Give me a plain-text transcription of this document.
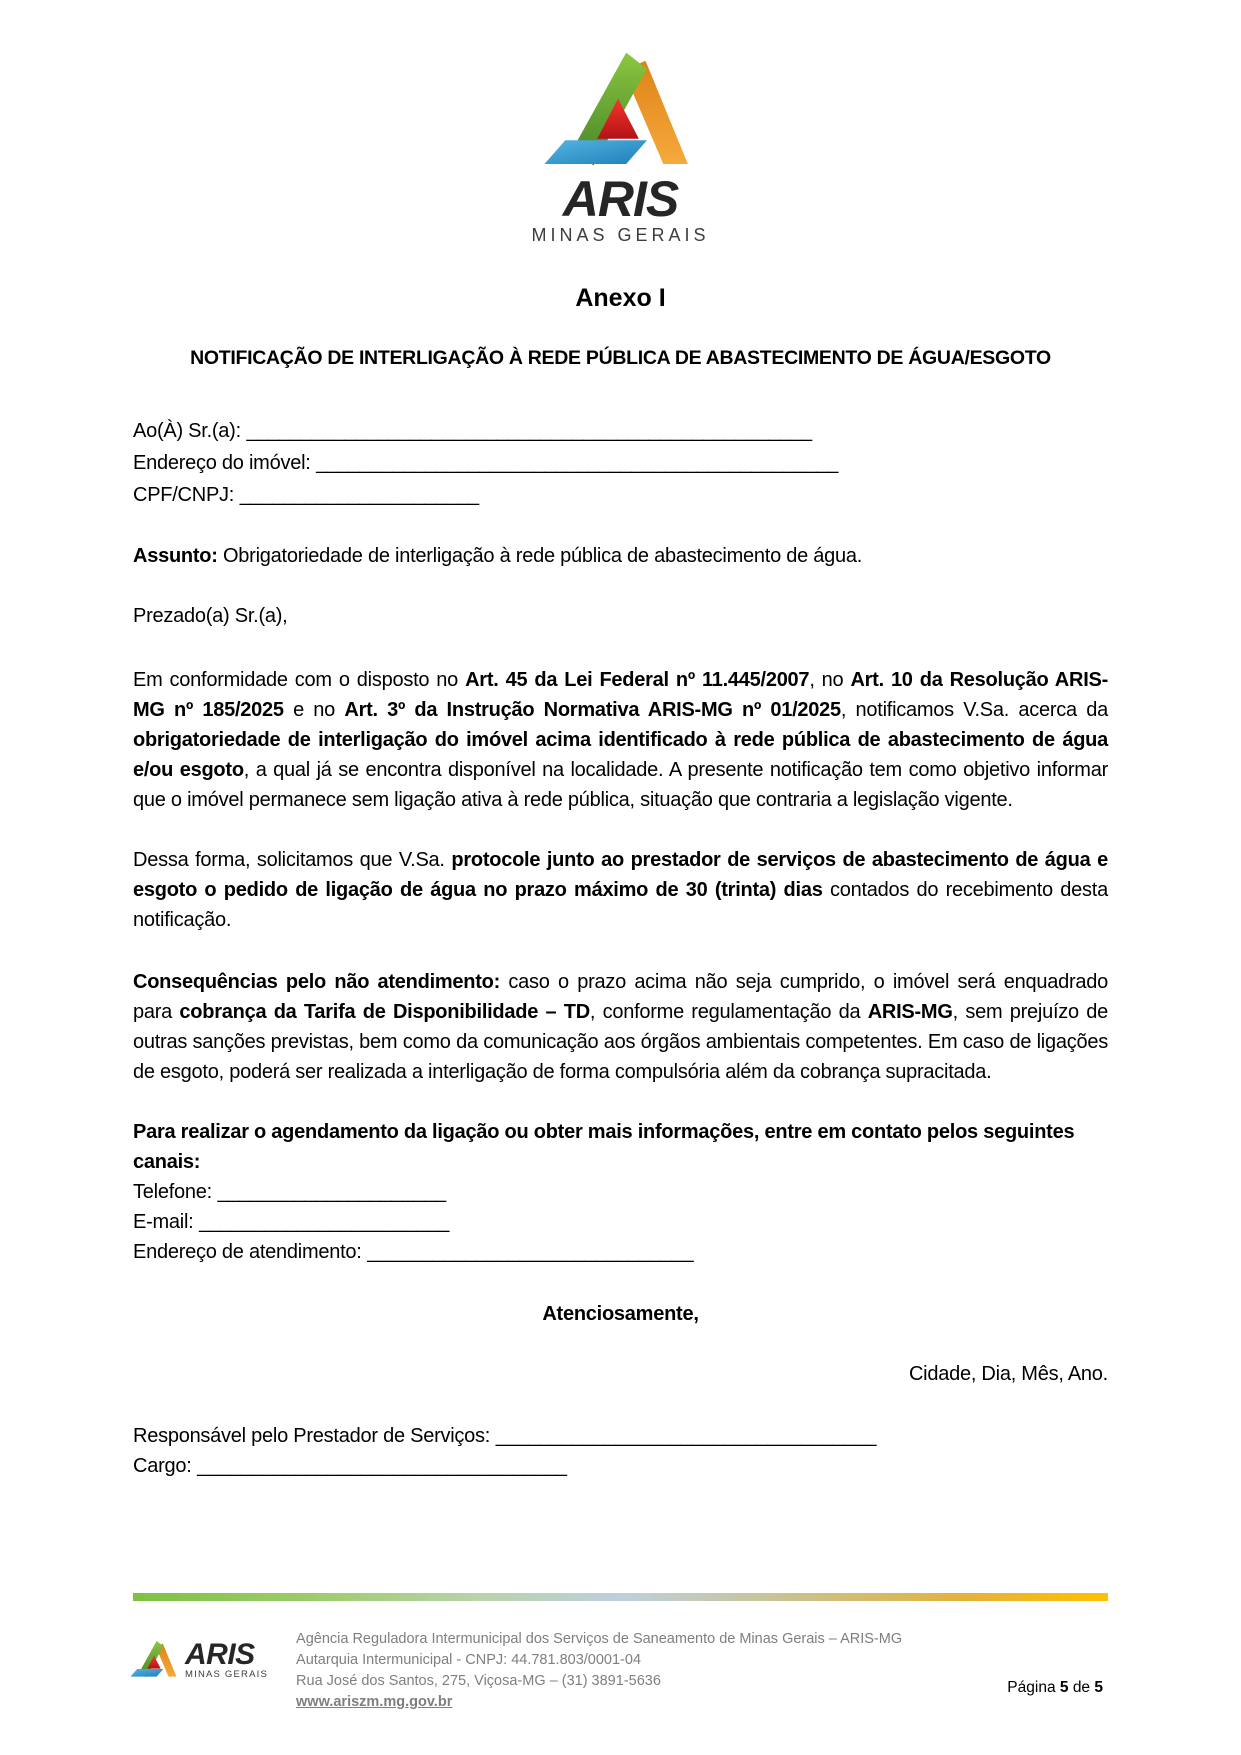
ARIS
MINAS GERAIS
Anexo I
NOTIFICAÇÃO DE INTERLIGAÇÃO À REDE PÚBLICA DE ABASTECIMENTO DE ÁGUA/ESGOTO
Ao(À) Sr.(a): ____________________________________________________
Endereço do imóvel: ________________________________________________
CPF/CNPJ: ______________________

Assunto: Obrigatoriedade de interligação à rede pública de abastecimento de água.

Prezado(a) Sr.(a),

Em conformidade com o disposto no Art. 45 da Lei Federal nº 11.445/2007, no Art. 10 da Resolução ARIS-MG nº 185/2025 e no Art. 3º da Instrução Normativa ARIS-MG nº 01/2025, notificamos V.Sa. acerca da obrigatoriedade de interligação do imóvel acima identificado à rede pública de abastecimento de água e/ou esgoto, a qual já se encontra disponível na localidade. A presente notificação tem como objetivo informar que o imóvel permanece sem ligação ativa à rede pública, situação que contraria a legislação vigente.

Dessa forma, solicitamos que V.Sa. protocole junto ao prestador de serviços de abastecimento de água e esgoto o pedido de ligação de água no prazo máximo de 30 (trinta) dias contados do recebimento desta notificação.

Consequências pelo não atendimento: caso o prazo acima não seja cumprido, o imóvel será enquadrado para cobrança da Tarifa de Disponibilidade – TD, conforme regulamentação da ARIS-MG, sem prejuízo de outras sanções previstas, bem como da comunicação aos órgãos ambientais competentes. Em caso de ligações de esgoto, poderá ser realizada a interligação de forma compulsória além da cobrança supracitada.

Para realizar o agendamento da ligação ou obter mais informações, entre em contato pelos seguintes canais:

Telefone: _____________________
E-mail: _______________________
Endereço de atendimento: ______________________________

Atenciosamente,

Cidade, Dia, Mês, Ano.

Responsável pelo Prestador de Serviços: ___________________________________
Cargo: __________________________________
ARIS
MINAS GERAIS
Agência Reguladora Intermunicipal dos Serviços de Saneamento de Minas Gerais – ARIS-MG
Autarquia Intermunicipal - CNPJ: 44.781.803/0001-04
Rua José dos Santos, 275, Viçosa-MG – (31) 3891-5636
www.ariszm.mg.gov.br
Página 5 de 5
